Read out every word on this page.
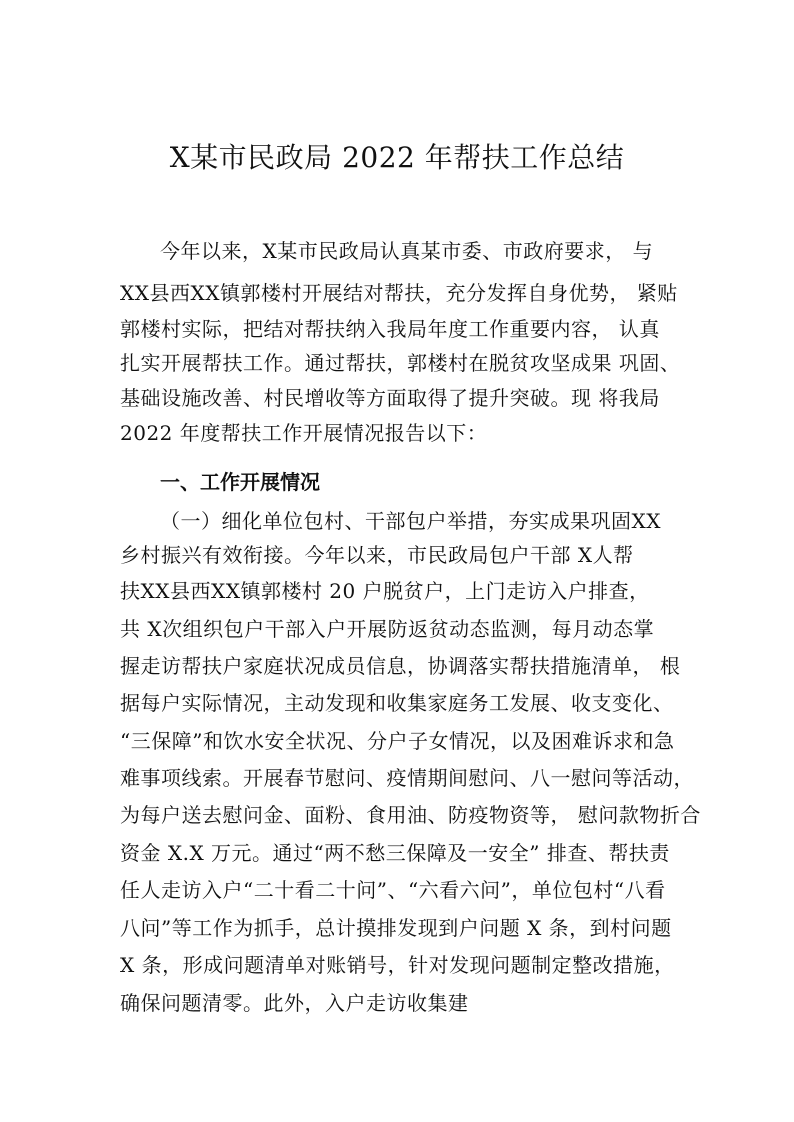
X某市民政局 2022 年帮扶工作总结
今年以来，X某市民政局认真某市委、市政府要求， 与
XX县西XX镇郭楼村开展结对帮扶，充分发挥自身优势， 紧贴
郭楼村实际，把结对帮扶纳入我局年度工作重要内容， 认真
扎实开展帮扶工作。通过帮扶，郭楼村在脱贫攻坚成果 巩固、
基础设施改善、村民增收等方面取得了提升突破。现 将我局
2022 年度帮扶工作开展情况报告以下：
一、工作开展情况
（一）细化单位包村、干部包户举措，夯实成果巩固XX
乡村振兴有效衔接。今年以来，市民政局包户干部 X人帮
扶XX县西XX镇郭楼村 20 户脱贫户，上门走访入户排查，
共 X次组织包户干部入户开展防返贫动态监测，每月动态掌
握走访帮扶户家庭状况成员信息，协调落实帮扶措施清单， 根
据每户实际情况，主动发现和收集家庭务工发展、收支变化、
“三保障”和饮水安全状况、分户子女情况，以及困难诉求和急
难事项线索。开展春节慰问、疫情期间慰问、八一慰问等活动，
为每户送去慰问金、面粉、食用油、防疫物资等， 慰问款物折合
资金 X.X 万元。通过“两不愁三保障及一安全” 排查、帮扶责
任人走访入户“二十看二十问”、“六看六问”，单位包村“八看
八问”等工作为抓手，总计摸排发现到户问题 X 条，到村问题
X 条，形成问题清单对账销号，针对发现问题制定整改措施，
确保问题清零。此外，入户走访收集建
